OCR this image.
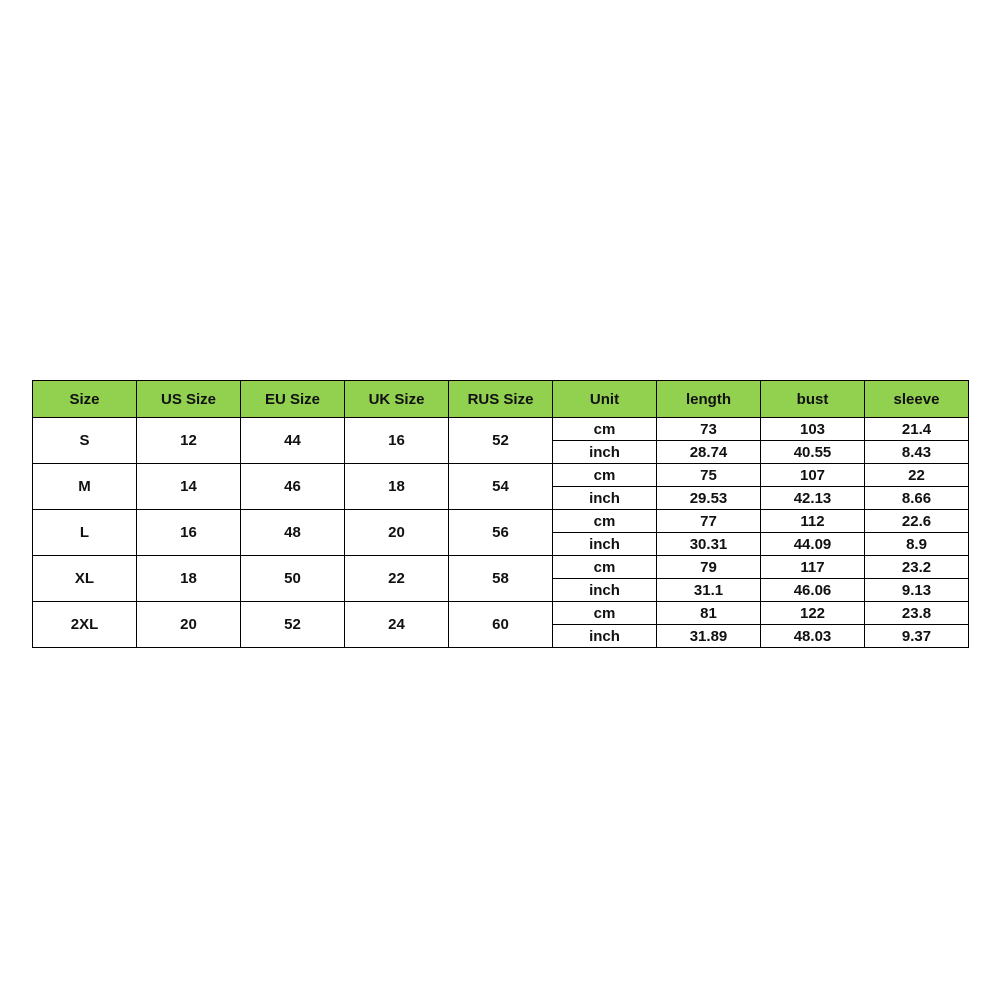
Size	US Size	EU Size	UK Size	RUS Size	Unit	length	bust	sleeve
S	12	44	16	52	cm	73	103	21.4
					inch	28.74	40.55	8.43
M	14	46	18	54	cm	75	107	22
					inch	29.53	42.13	8.66
L	16	48	20	56	cm	77	112	22.6
					inch	30.31	44.09	8.9
XL	18	50	22	58	cm	79	117	23.2
					inch	31.1	46.06	9.13
2XL	20	52	24	60	cm	81	122	23.8
					inch	31.89	48.03	9.37
